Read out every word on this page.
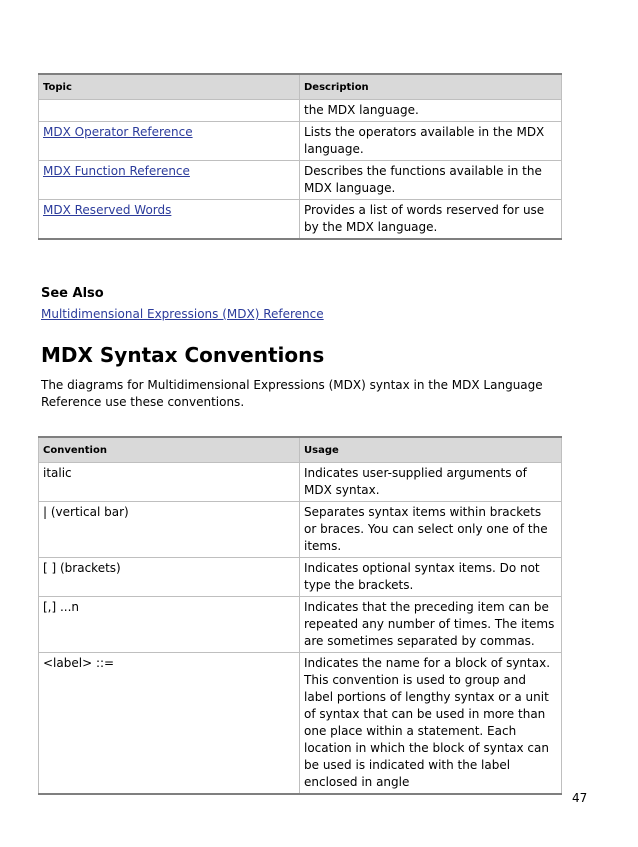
Topic	Description
	the MDX language.
MDX Operator Reference	Lists the operators available in the MDX language.
MDX Function Reference	Describes the functions available in the MDX language.
MDX Reserved Words	Provides a list of words reserved for use by the MDX language.
See Also
Multidimensional Expressions (MDX) Reference
MDX Syntax Conventions

The diagrams for Multidimensional Expressions (MDX) syntax in the MDX Language Reference use these conventions.

Convention	Usage
italic	Indicates user-supplied arguments of MDX syntax.
| (vertical bar)	Separates syntax items within brackets or braces. You can select only one of the items.
[ ] (brackets)	Indicates optional syntax items. Do not type the brackets.
[,] ...n	Indicates that the preceding item can be repeated any number of times. The items are sometimes separated by commas.
<label> ::=	Indicates the name for a block of syntax. This convention is used to group and label portions of lengthy syntax or a unit of syntax that can be used in more than one place within a statement. Each location in which the block of syntax can be used is indicated with the label enclosed in angle
47
